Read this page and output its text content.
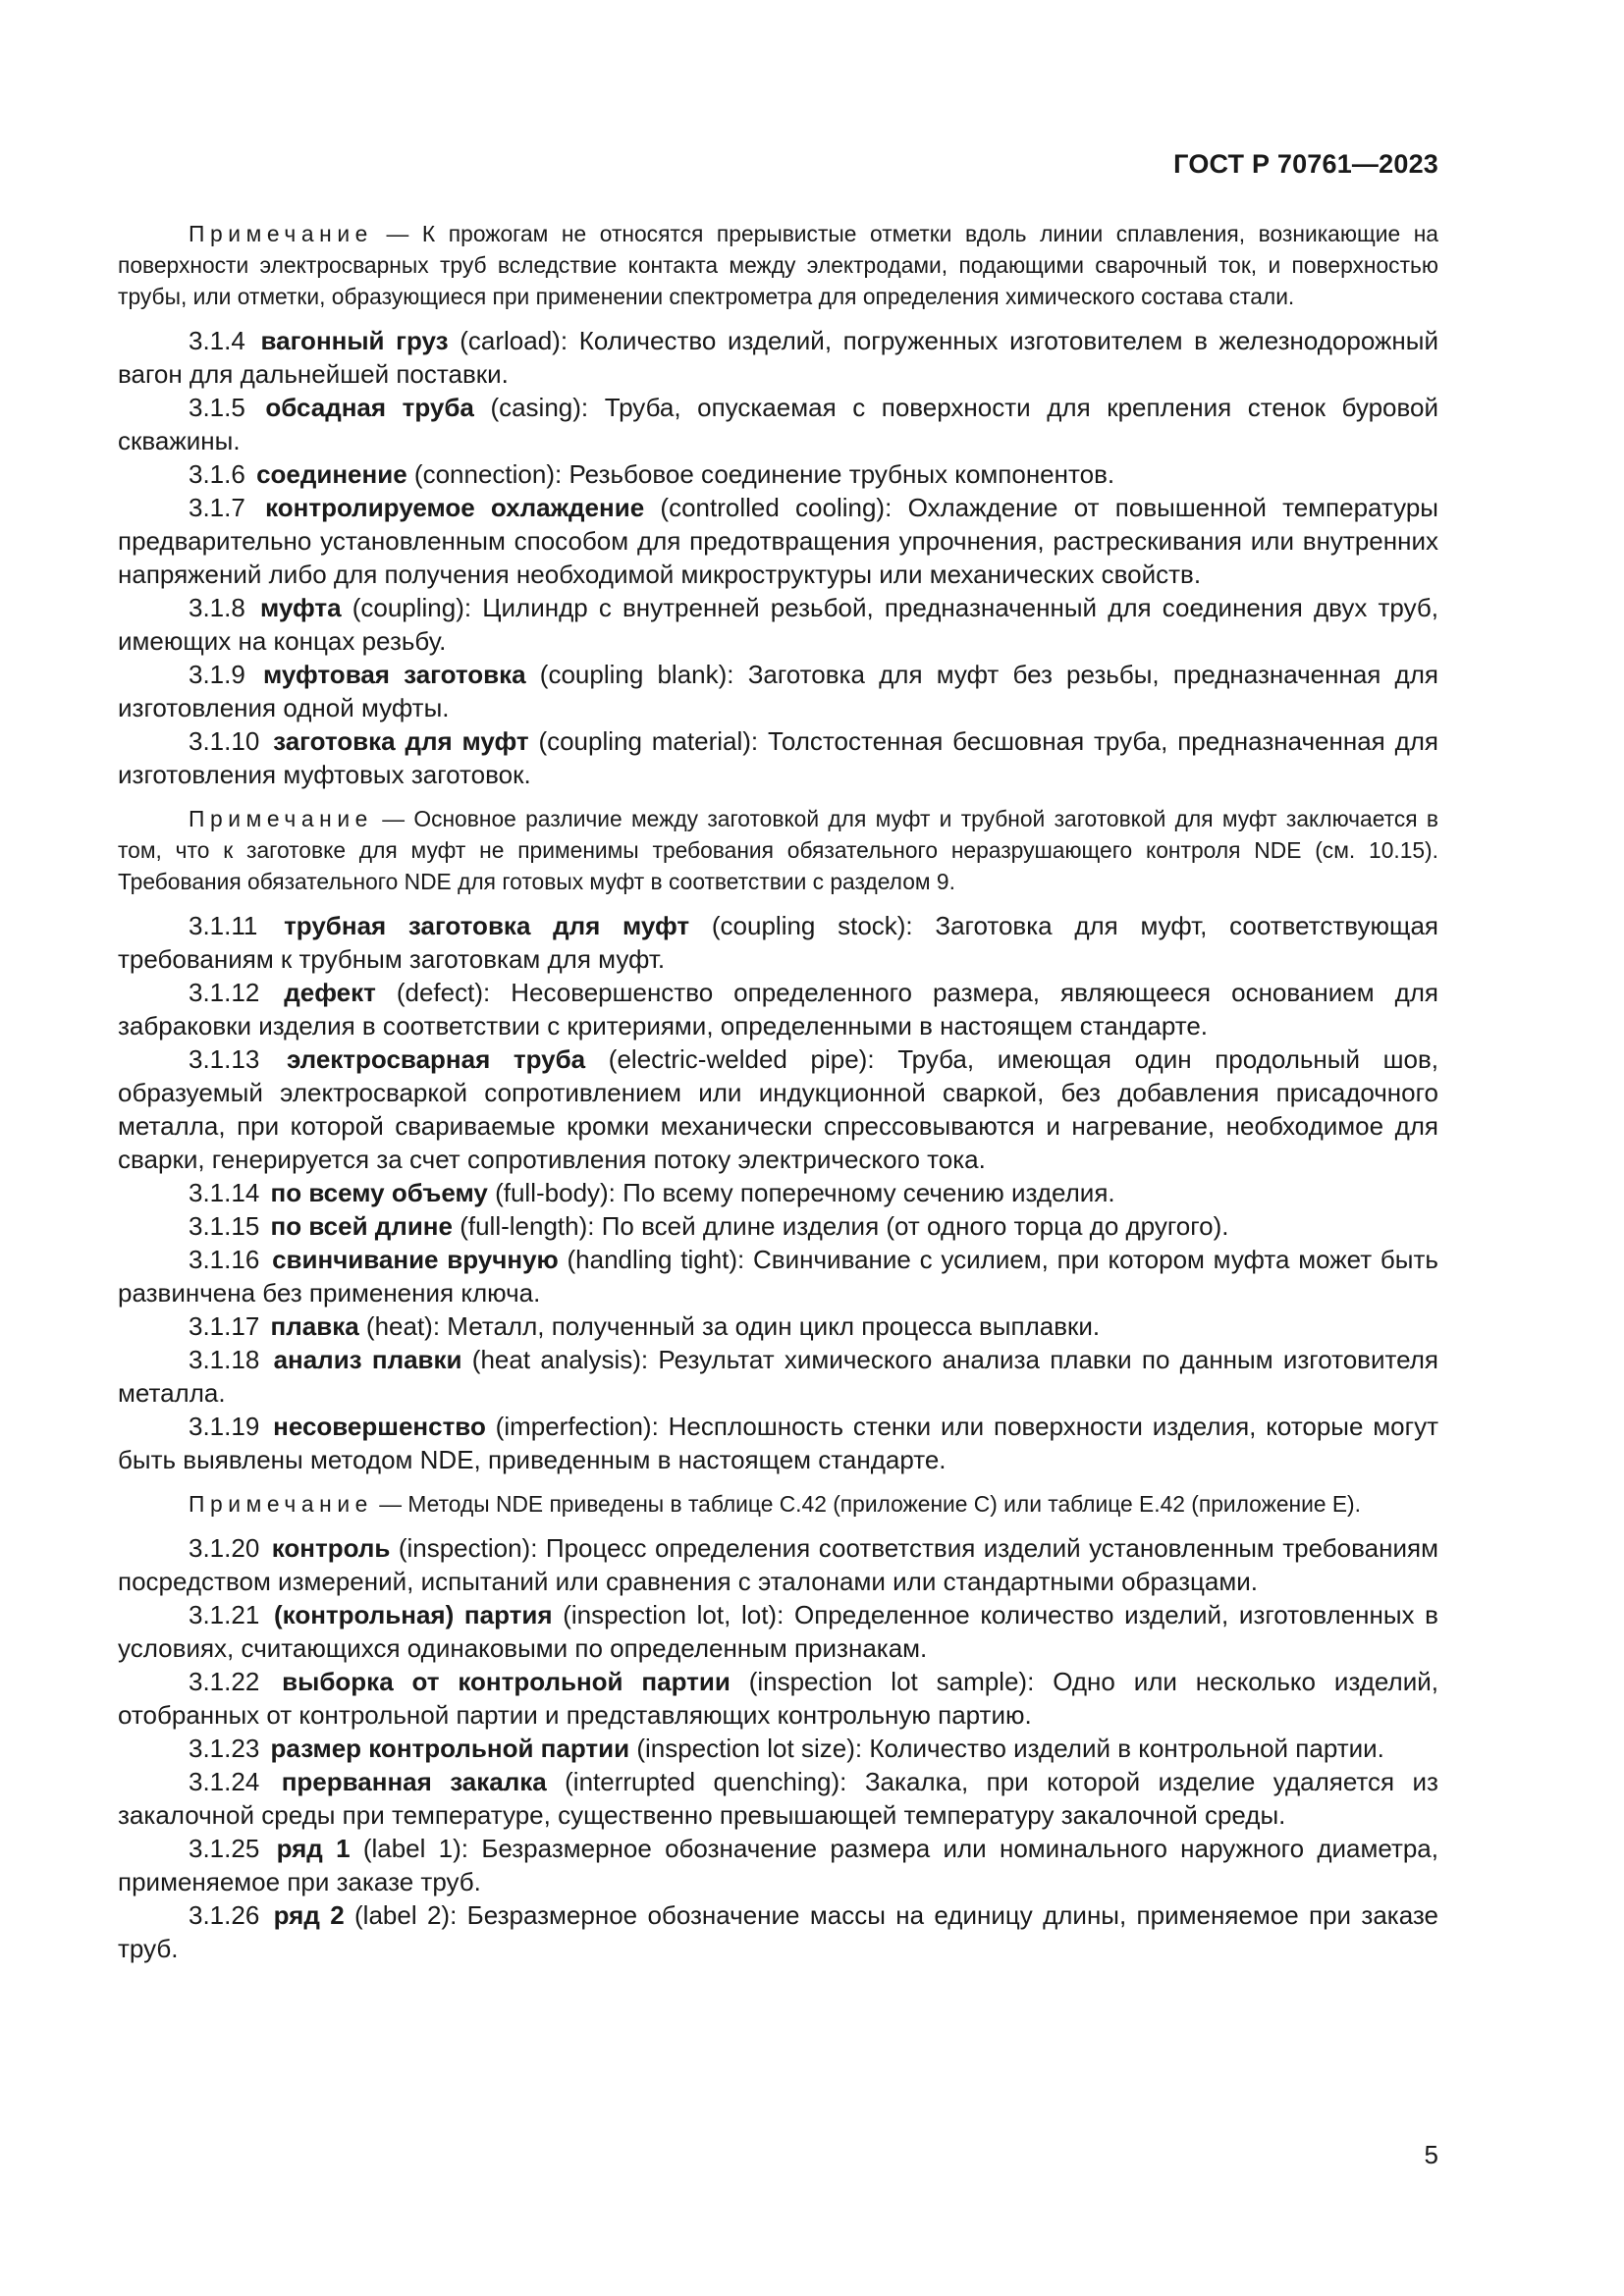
ГОСТ Р 70761—2023

Примечание — К прожогам не относятся прерывистые отметки вдоль линии сплавления, возникающие на поверхности электросварных труб вследствие контакта между электродами, подающими сварочный ток, и поверхностью трубы, или отметки, образующиеся при применении спектрометра для определения химического состава стали.

3.1.4 вагонный груз (carload): Количество изделий, погруженных изготовителем в железнодорожный вагон для дальнейшей поставки.

3.1.5 обсадная труба (casing): Труба, опускаемая с поверхности для крепления стенок буровой скважины.

3.1.6 соединение (connection): Резьбовое соединение трубных компонентов.

3.1.7 контролируемое охлаждение (controlled cooling): Охлаждение от повышенной температуры предварительно установленным способом для предотвращения упрочнения, растрескивания или внутренних напряжений либо для получения необходимой микроструктуры или механических свойств.

3.1.8 муфта (coupling): Цилиндр с внутренней резьбой, предназначенный для соединения двух труб, имеющих на концах резьбу.

3.1.9 муфтовая заготовка (coupling blank): Заготовка для муфт без резьбы, предназначенная для изготовления одной муфты.

3.1.10 заготовка для муфт (coupling material): Толстостенная бесшовная труба, предназначенная для изготовления муфтовых заготовок.

Примечание — Основное различие между заготовкой для муфт и трубной заготовкой для муфт заключается в том, что к заготовке для муфт не применимы требования обязательного неразрушающего контроля NDE (см. 10.15). Требования обязательного NDE для готовых муфт в соответствии с разделом 9.

3.1.11 трубная заготовка для муфт (coupling stock): Заготовка для муфт, соответствующая требованиям к трубным заготовкам для муфт.

3.1.12 дефект (defect): Несовершенство определенного размера, являющееся основанием для забраковки изделия в соответствии с критериями, определенными в настоящем стандарте.

3.1.13 электросварная труба (electric-welded pipe): Труба, имеющая один продольный шов, образуемый электросваркой сопротивлением или индукционной сваркой, без добавления присадочного металла, при которой свариваемые кромки механически спрессовываются и нагревание, необходимое для сварки, генерируется за счет сопротивления потоку электрического тока.

3.1.14 по всему объему (full-body): По всему поперечному сечению изделия.

3.1.15 по всей длине (full-length): По всей длине изделия (от одного торца до другого).

3.1.16 свинчивание вручную (handling tight): Свинчивание с усилием, при котором муфта может быть развинчена без применения ключа.

3.1.17 плавка (heat): Металл, полученный за один цикл процесса выплавки.

3.1.18 анализ плавки (heat analysis): Результат химического анализа плавки по данным изготовителя металла.

3.1.19 несовершенство (imperfection): Несплошность стенки или поверхности изделия, которые могут быть выявлены методом NDE, приведенным в настоящем стандарте.

Примечание — Методы NDE приведены в таблице C.42 (приложение C) или таблице E.42 (приложение E).

3.1.20 контроль (inspection): Процесс определения соответствия изделий установленным требованиям посредством измерений, испытаний или сравнения с эталонами или стандартными образцами.

3.1.21 (контрольная) партия (inspection lot, lot): Определенное количество изделий, изготовленных в условиях, считающихся одинаковыми по определенным признакам.

3.1.22 выборка от контрольной партии (inspection lot sample): Одно или несколько изделий, отобранных от контрольной партии и представляющих контрольную партию.

3.1.23 размер контрольной партии (inspection lot size): Количество изделий в контрольной партии.

3.1.24 прерванная закалка (interrupted quenching): Закалка, при которой изделие удаляется из закалочной среды при температуре, существенно превышающей температуру закалочной среды.

3.1.25 ряд 1 (label 1): Безразмерное обозначение размера или номинального наружного диаметра, применяемое при заказе труб.

3.1.26 ряд 2 (label 2): Безразмерное обозначение массы на единицу длины, применяемое при заказе труб.

5
